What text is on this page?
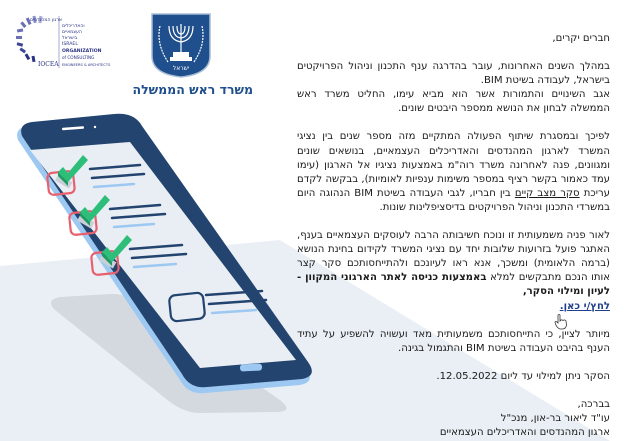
IOCEA
ארגון המהנדסים
והאדריכלים
העצמאיים
בישראל
ISRAEL
ORGANIZATION
of CONSULTING
ENGINEERS & ARCHITECTS	ישראל
משרד ראש הממשלה

חברים יקרים,

במהלך השנים האחרונות, עובר בהדרגה ענף התכנון וניהול הפרויקטים בישראל, לעבודה בשיטת BIM.

אגב השינויים והתמורות אשר הוא מביא עימו, החליט משרד ראש הממשלה לבחון את הנושא ממספר היבטים שונים.

לפיכך ובמסגרת שיתוף הפעולה המתקיים מזה מספר שנים בין נציגי המשרד לארגון המהנדסים והאדריכלים העצמאיים, בנושאים שונים ומגוונים, פנה לאחרונה משרד רוה"מ באמצעות נציגיו אל הארגון (עימו עמד כאמור בקשר רציף במספר משימות ענפיות לאומיות), בבקשה לקדם עריכת סקר מצב קיים בין חבריו, לגבי העבודה בשיטת BIM הנהוגה היום במשרדי התכנון וניהול הפרויקטים בדיסציפלינות שונות.

לאור פניה משמעותית זו ונוכח חשיבותה הרבה לעוסקים העצמאיים בענף, האתגר פועל בזרועות שלובות יחד עם נציגי המשרד לקידום בחינת הנושא (ברמה הלאומית) ומשכך, אנא ראו לעיונכם ולהתייחסותכם סקר קצר אותו הנכם מתבקשים למלא באמצעות כניסה לאתר הארגוני המקוון - לעיון ומילוי הסקר,
לחץ/י כאן.

מיותר לציין, כי התייחסותכם משמעותית מאד ועשויה להשפיע על עתיד הענף בהיבט העבודה בשיטת BIM והתגמול בגינה.

הסקר ניתן למילוי עד ליום 12.05.2022.

בברכה,

עו"ד ליאור בר-און, מנכ"ל

ארגון המהנדסים והאדריכלים העצמאיים
